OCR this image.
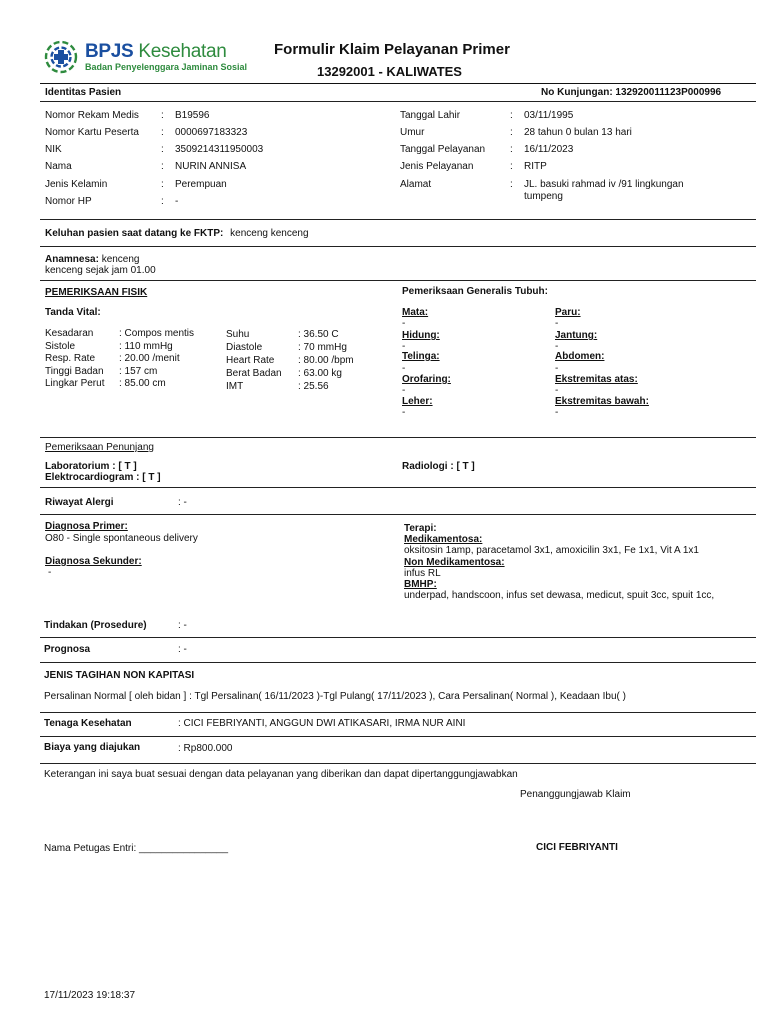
BPJS Kesehatan
Badan Penyelenggara Jaminan Sosial
Formulir Klaim Pelayanan Primer
13292001 - KALIWATES
Identitas Pasien	No Kunjungan: 132920011123P000996
Nomor Rekam Medis : B19596
Nomor Kartu Peserta : 0000697183323
NIK	: 3509214311950003
Nama	: NURIN ANNISA
Jenis Kelamin	: Perempuan
Nomor HP	: -
Tanggal Lahir	: 03/11/1995
Umur	: 28 tahun 0 bulan 13 hari
Tanggal Pelayanan : 16/11/2023
Jenis Pelayanan	: RITP
Alamat	: JL. basuki rahmad iv /91 lingkungan
tumpeng
Keluhan pasien saat datang ke FKTP: kenceng kenceng
Anamnesa: kenceng
kenceng sejak jam 01.00
PEMERIKSAAN FISIK	Pemeriksaan Generalis Tubuh:
Tanda Vital:
Kesadaran	: Compos mentis
Sistole	: 110 mmHg
Resp. Rate : 20.00 /menit
Tinggi Badan : 157 cm
Lingkar Perut : 85.00 cm
Suhu	: 36.50 C
Diastole	: 70 mmHg
Heart Rate : 80.00 /bpm
Berat Badan : 63.00 kg
IMT	: 25.56
Mata:
-
Hidung:
-
Telinga:
-
Orofaring:
-
Leher:
-
Paru:
-
Jantung:
-
Abdomen:
-
Ekstremitas atas:
-
Ekstremitas bawah:
-
Pemeriksaan Penunjang
Laboratorium : [ T ]
Elektrocardiogram : [ T ]
Radiologi : [ T ]
Riwayat Alergi	: -
Diagnosa Primer:
O80 - Single spontaneous delivery
Diagnosa Sekunder:
-
Terapi:
Medikamentosa:
oksitosin 1amp, paracetamol 3x1, amoxicilin 3x1, Fe 1x1, Vit A 1x1
Non Medikamentosa:
infus RL
BMHP:
underpad, handscoon, infus set dewasa, medicut, spuit 3cc, spuit 1cc,
Tindakan (Prosedure)	: -
Prognosa	: -
JENIS TAGIHAN NON KAPITASI
Persalinan Normal [ oleh bidan ] : Tgl Persalinan( 16/11/2023 )-Tgl Pulang( 17/11/2023 ), Cara Persalinan( Normal ), Keadaan Ibu( )
Tenaga Kesehatan	: CICI FEBRIYANTI, ANGGUN DWI ATIKASARI, IRMA NUR AINI
Biaya yang diajukan	: Rp800.000
Keterangan ini saya buat sesuai dengan data pelayanan yang diberikan dan dapat dipertanggungjawabkan
Penanggungjawab Klaim
Nama Petugas Entri: ________________	CICI FEBRIYANTI
17/11/2023 19:18:37
